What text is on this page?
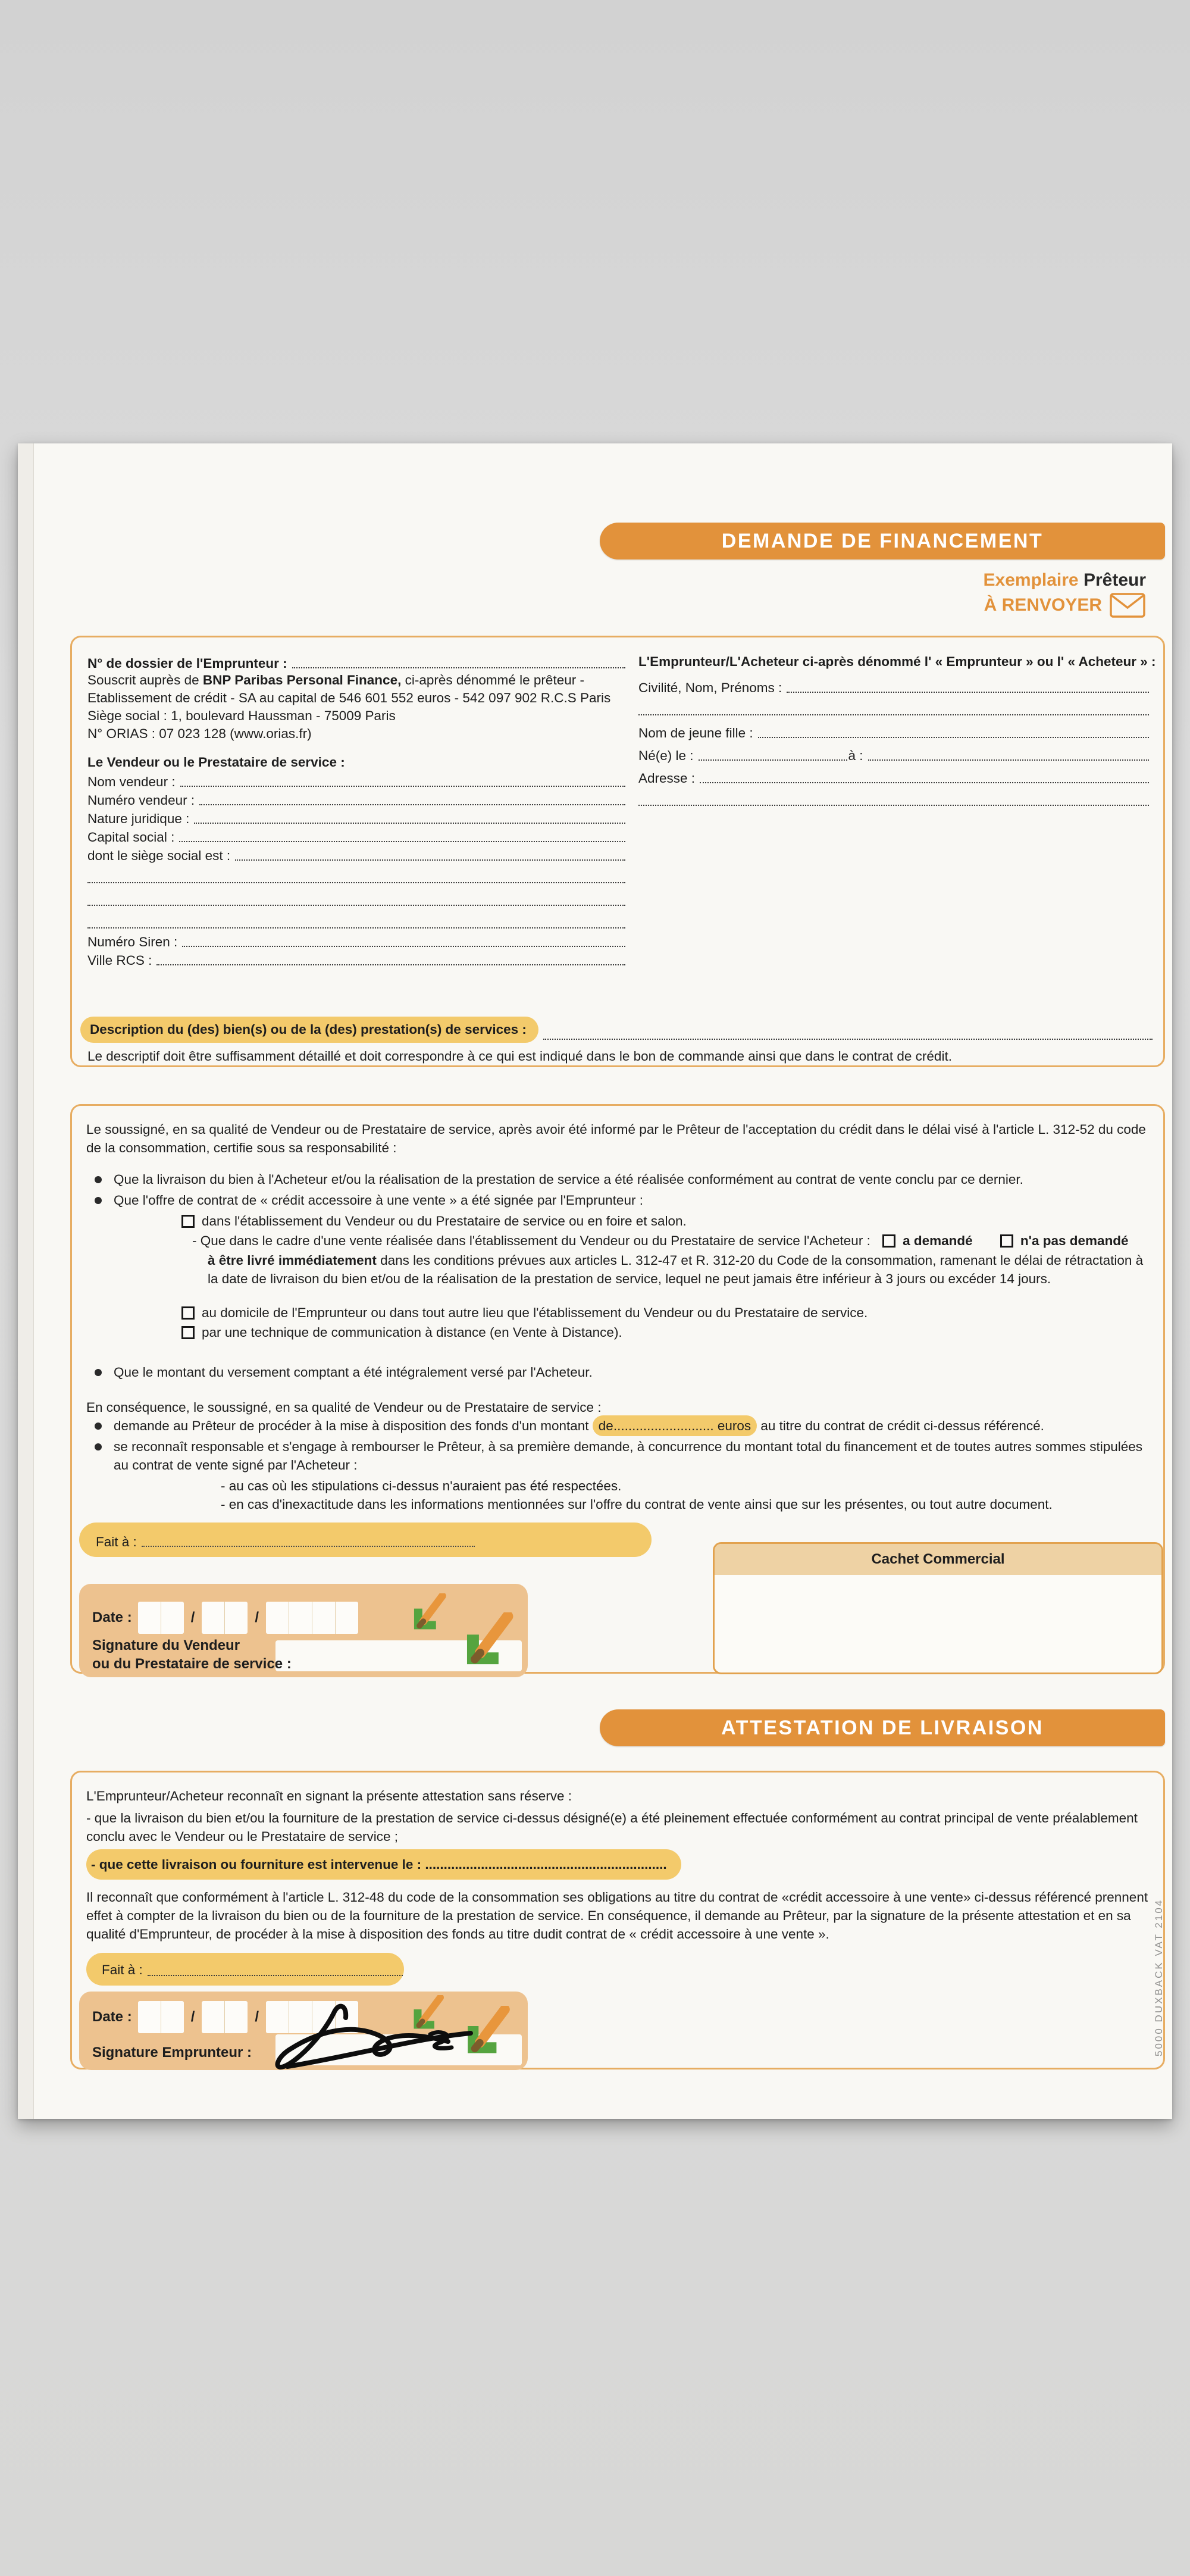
DEMANDE DE FINANCEMENT
Exemplaire Prêteur
À RENVOYER
N° de dossier de l'Emprunteur :
Souscrit auprès de BNP Paribas Personal Finance, ci-après dénommé le prêteur -
Etablissement de crédit - SA au capital de 546 601 552 euros - 542 097 902 R.C.S Paris
Siège social : 1, boulevard Haussman - 75009 Paris
N° ORIAS : 07 023 128 (www.orias.fr)
Le Vendeur ou le Prestataire de service :
Nom vendeur :
Numéro vendeur :
Nature juridique :
Capital social :
dont le siège social est :
Numéro Siren :
Ville RCS :
L'Emprunteur/L'Acheteur ci-après dénommé l' « Emprunteur » ou l' « Acheteur » :
Civilité, Nom, Prénoms :
Nom de jeune fille :
Né(e) le :	à :
Adresse :
Description du (des) bien(s) ou de la (des) prestation(s) de services :
Le descriptif doit être suffisamment détaillé et doit correspondre à ce qui est indiqué dans le bon de commande ainsi que dans le contrat de crédit.
Le soussigné, en sa qualité de Vendeur ou de Prestataire de service, après avoir été informé par le Prêteur de l'acceptation du crédit dans le délai visé à l'article L. 312-52 du code de la consommation, certifie sous sa responsabilité :
Que la livraison du bien à l'Acheteur et/ou la réalisation de la prestation de service a été réalisée conformément au contrat de vente conclu par ce dernier.
Que l'offre de contrat de « crédit accessoire à une vente » a été signée par l'Emprunteur :
dans l'établissement du Vendeur ou du Prestataire de service ou en foire et salon.
- Que dans le cadre d'une vente réalisée dans l'établissement du Vendeur ou du Prestataire de service l'Acheteur : a demandé	n'a pas demandé
à être livré immédiatement dans les conditions prévues aux articles L. 312-47 et R. 312-20 du Code de la consommation, ramenant le délai de rétractation à la date de livraison du bien et/ou de la réalisation de la prestation de service, lequel ne peut jamais être inférieur à 3 jours ou excéder 14 jours.
au domicile de l'Emprunteur ou dans tout autre lieu que l'établissement du Vendeur ou du Prestataire de service.
par une technique de communication à distance (en Vente à Distance).
Que le montant du versement comptant a été intégralement versé par l'Acheteur.
En conséquence, le soussigné, en sa qualité de Vendeur ou de Prestataire de service :
demande au Prêteur de procéder à la mise à disposition des fonds d'un montant de........................... euros au titre du contrat de crédit ci-dessus référencé.
se reconnaît responsable et s'engage à rembourser le Prêteur, à sa première demande, à concurrence du montant total du financement et de toutes autres sommes stipulées au contrat de vente signé par l'Acheteur :
- au cas où les stipulations ci-dessus n'auraient pas été respectées.
- en cas d'inexactitude dans les informations mentionnées sur l'offre du contrat de vente ainsi que sur les présentes, ou tout autre document.
Fait à :
Date :	/	/
Signature du Vendeur
ou du Prestataire de service :
Cachet Commercial
ATTESTATION DE LIVRAISON
L'Emprunteur/Acheteur reconnaît en signant la présente attestation sans réserve :
- que la livraison du bien et/ou la fourniture de la prestation de service ci-dessus désigné(e) a été pleinement effectuée conformément au contrat principal de vente préalablement conclu avec le Vendeur ou le Prestataire de service ;
- que cette livraison ou fourniture est intervenue le : .................................................................
Il reconnaît que conformément à l'article L. 312-48 du code de la consommation ses obligations au titre du contrat de «crédit accessoire à une vente» ci-dessus référencé prennent effet à compter de la livraison du bien ou de la fourniture de la prestation de service. En conséquence, il demande au Prêteur, par la signature de la présente attestation et en sa qualité d'Emprunteur, de procéder à la mise à disposition des fonds au titre dudit contrat de « crédit accessoire à une vente ».
Fait à :
Date :	/	/
Signature Emprunteur :	5000 DUXBACK VAT 2104
